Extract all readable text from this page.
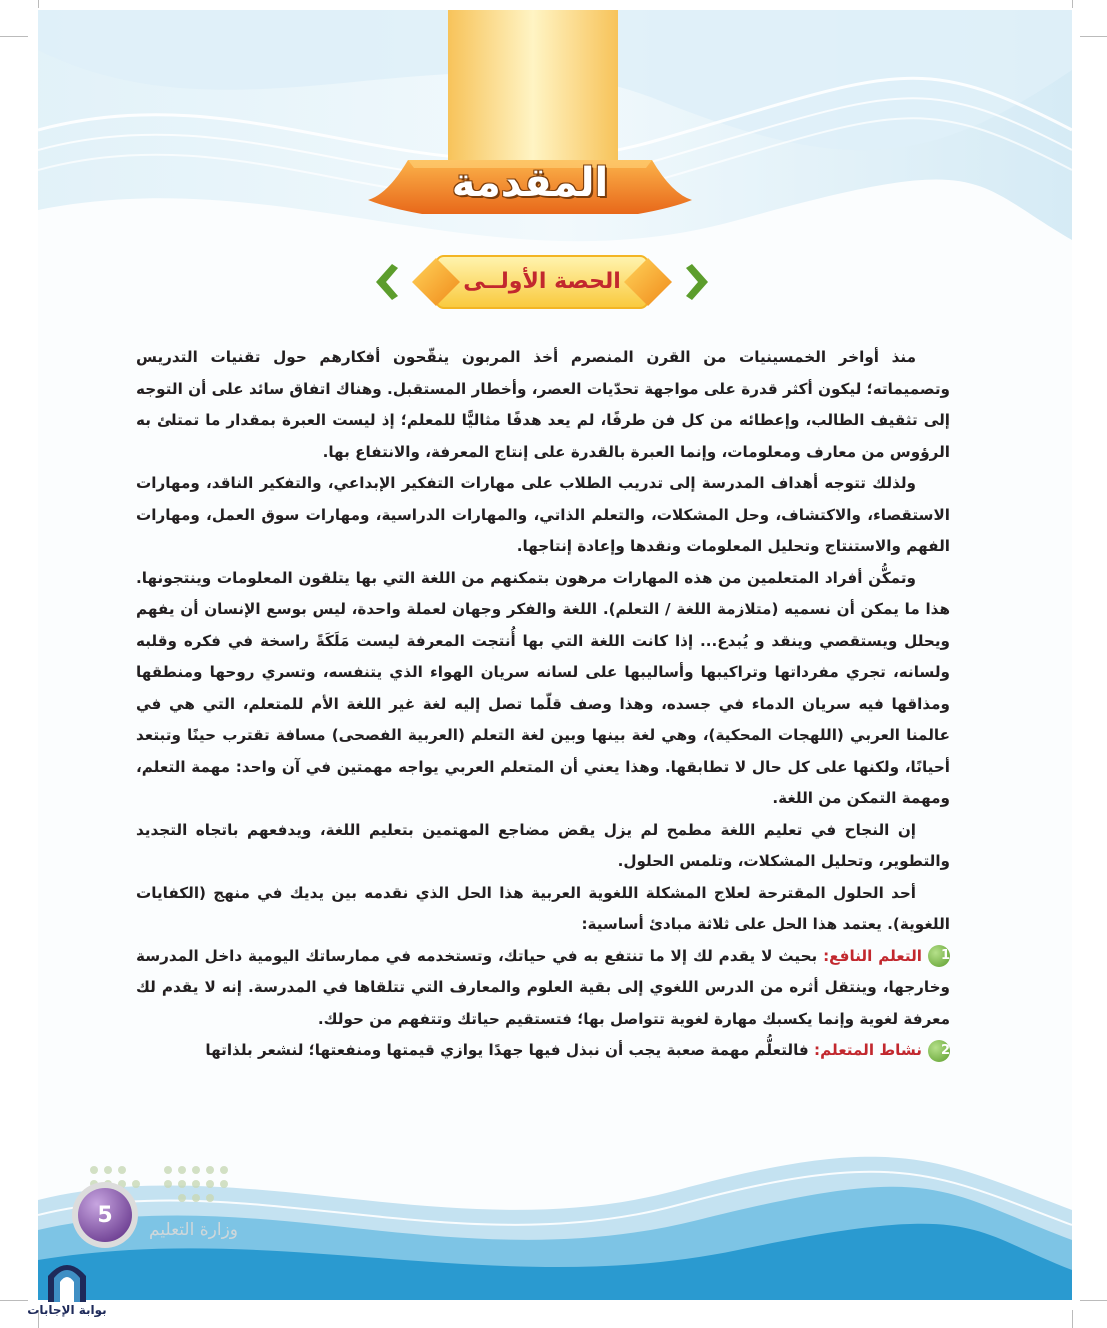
المقدمة
الحصة الأولــى

منذ أواخر الخمسينيات من القرن المنصرم أخذ المربون ينقّحون أفكارهم حول تقنيات التدريس وتصميماته؛ ليكون أكثر قدرة على مواجهة تحدّيات العصر، وأخطار المستقبل. وهناك اتفاق سائد على أن التوجه إلى تثقيف الطالب، وإعطائه من كل فن طرفًا، لم يعد هدفًا مثاليًّا للمعلم؛ إذ ليست العبرة بمقدار ما تمتلئ به الرؤوس من معارف ومعلومات، وإنما العبرة بالقدرة على إنتاج المعرفة، والانتفاع بها.

ولذلك تتوجه أهداف المدرسة إلى تدريب الطلاب على مهارات التفكير الإبداعي، والتفكير الناقد، ومهارات الاستقصاء، والاكتشاف، وحل المشكلات، والتعلم الذاتي، والمهارات الدراسية، ومهارات سوق العمل، ومهارات الفهم والاستنتاج وتحليل المعلومات ونقدها وإعادة إنتاجها.

وتمكُّن أفراد المتعلمين من هذه المهارات مرهون بتمكنهم من اللغة التي بها يتلقون المعلومات وينتجونها. هذا ما يمكن أن نسميه (متلازمة اللغة / التعلم). اللغة والفكر وجهان لعملة واحدة، ليس بوسع الإنسان أن يفهم ويحلل ويستقصي وينقد و يُبدع... إذا كانت اللغة التي بها أُنتجت المعرفة ليست مَلَكَةً راسخة في فكره وقلبه ولسانه، تجري مفرداتها وتراكيبها وأساليبها على لسانه سريان الهواء الذي يتنفسه، وتسري روحها ومنطقها ومذاقها فيه سريان الدماء في جسده، وهذا وصف قلّما تصل إليه لغة غير اللغة الأم للمتعلم، التي هي في عالمنا العربي (اللهجات المحكية)، وهي لغة بينها وبين لغة التعلم (العربية الفصحى) مسافة تقترب حينًا وتبتعد أحيانًا، ولكنها على كل حال لا تطابقها. وهذا يعني أن المتعلم العربي يواجه مهمتين في آن واحد: مهمة التعلم، ومهمة التمكن من اللغة.

إن النجاح في تعليم اللغة مطمح لم يزل يقض مضاجع المهتمين بتعليم اللغة، ويدفعهم باتجاه التجديد والتطوير، وتحليل المشكلات، وتلمس الحلول.

أحد الحلول المقترحة لعلاج المشكلة اللغوية العربية هذا الحل الذي نقدمه بين يديك في منهج (الكفايات اللغوية). يعتمد هذا الحل على ثلاثة مبادئ أساسية:

1التعلم النافع: بحيث لا يقدم لك إلا ما تنتفع به في حياتك، وتستخدمه في ممارساتك اليومية داخل المدرسة وخارجها، وينتقل أثره من الدرس اللغوي إلى بقية العلوم والمعارف التي تتلقاها في المدرسة. إنه لا يقدم لك معرفة لغوية وإنما يكسبك مهارة لغوية تتواصل بها؛ فتستقيم حياتك وتتفهم من حولك.

2نشاط المتعلم: فالتعلُّم مهمة صعبة يجب أن نبذل فيها جهدًا يوازي قيمتها ومنفعتها؛ لنشعر بلذاتها

وزارة التعليم
5
بوابة الإجابات
